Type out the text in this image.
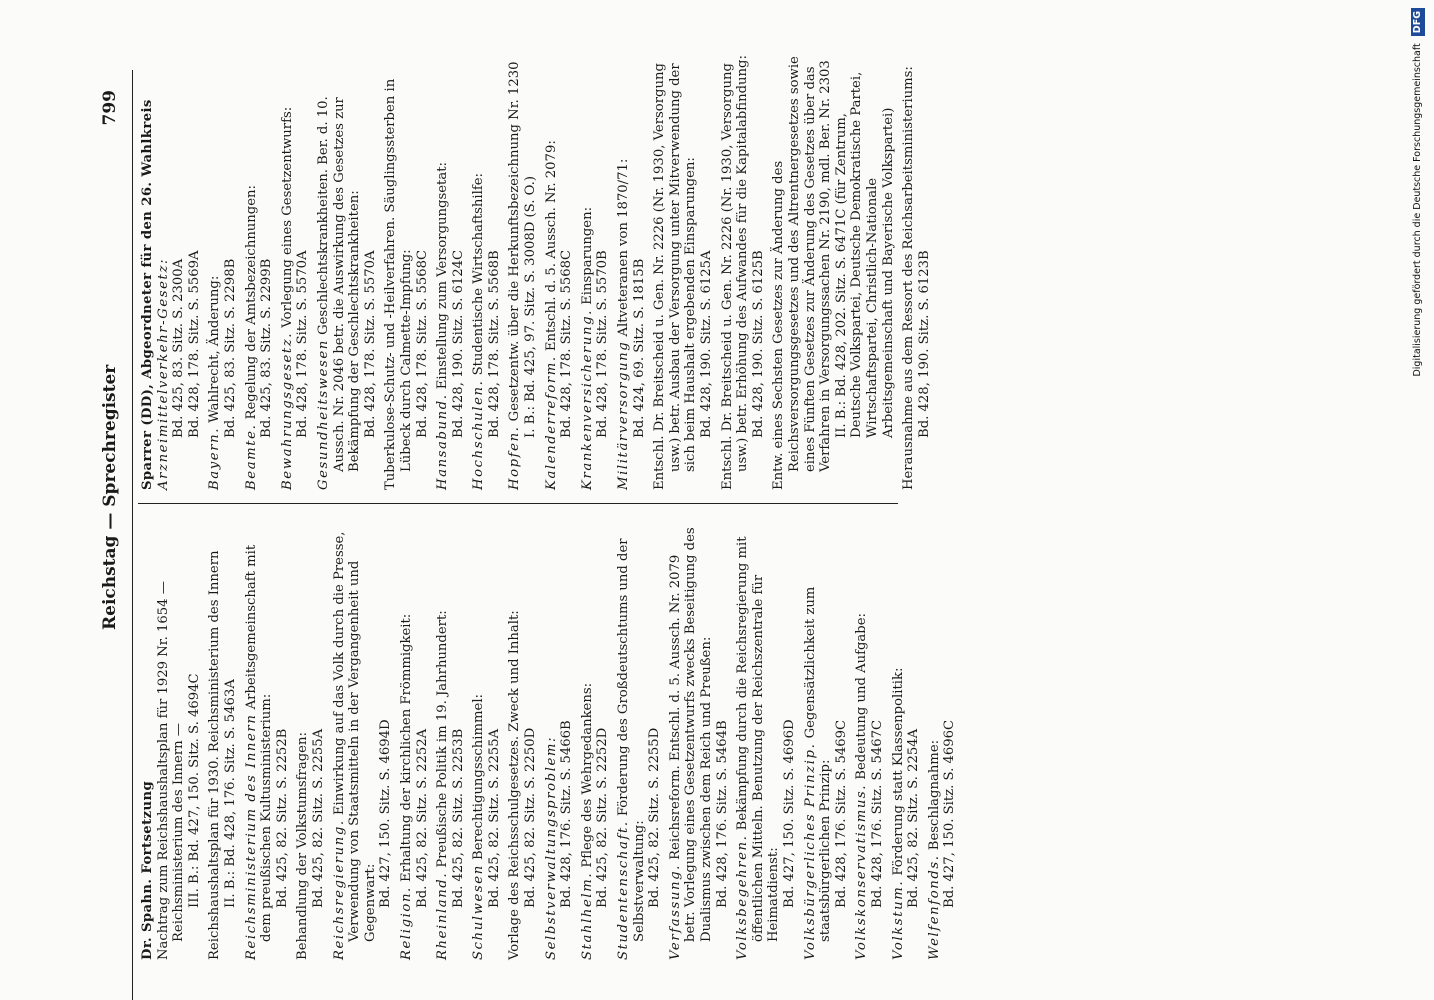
Reichstag — Sprechregister
799
Dr. Spahn. Fortsetzung Nachtrag zum Reichshaushaltsplan für 1929 Nr. 1654 — Reichsministerium des Innern — III. B.: Bd. 427, 150. Sitz. S. 4694C Reichshaushaltsplan für 1930. Reichsministerium des Innern II. B.: Bd. 428, 176. Sitz. S. 5463A Reichsministerium des Innern Arbeitsgemeinschaft mit dem preußischen Kultusministerium: Bd. 425, 82. Sitz. S. 2252B Behandlung der Volkstumsfragen: Bd. 425, 82. Sitz. S. 2255A Reichsregierung. Einwirkung auf das Volk durch die Presse, Verwendung von Staatsmitteln in der Vergangenheit und Gegenwart: Bd. 427, 150. Sitz. S. 4694D
Religion. Erhaltung der kirchlichen Frömmigkeit: Bd. 425, 82. Sitz. S. 2252A
Rheinland. Preußische Politik im 19. Jahrhundert: Bd. 425, 82. Sitz. S. 2253B
Schulwesen Berechtigungsschimmel: Bd. 425, 82. Sitz. S. 2255A Vorlage des Reichsschulgesetzes. Zweck und Inhalt: Bd. 425, 82. Sitz. S. 2250D Selbstverwaltungsproblem: Bd. 428, 176. Sitz. S. 5466B
Stahlhelm. Pflege des Wehrgedankens: Bd. 425, 82. Sitz. S. 2252D Studentenschaft. Förderung des Großdeutschtums und der Selbstverwaltung: Bd. 425, 82. Sitz. S. 2255D
Verfassung. Reichsreform. Entschl. d. 5. Aussch. Nr. 2079 betr. Vorlegung eines Gesetzentwurfs zwecks Beseitigung des Dualismus zwischen dem Reich und Preußen: Bd. 428, 176. Sitz. S. 5464B Volksbegehren. Bekämpfung durch die Reichsregierung mit öffentlichen Mitteln. Benutzung der Reichszentrale für Heimatdienst: Bd. 427, 150. Sitz. S. 4696D Volksbürgerliches Prinzip. Gegensätzlichkeit zum staatsbürgerlichen Prinzip: Bd. 428, 176. Sitz. S. 5469C Volkskonservatismus. Bedeutung und Aufgabe:
Bd. 428, 176. Sitz. S. 5467C
Volkstum. Förderung statt Klassenpolitik: Bd. 425, 82. Sitz. S. 2254A Welfenfonds. Beschlagnahme: Bd. 427, 150. Sitz. S. 4696C
Sparrer (DD), Abgeordneter für den 26. Wahlkreis Arzneimittelverkehr-Gesetz: Bd. 425, 83. Sitz. S. 2300A Bd. 428, 178. Sitz. S. 5569A
Bayern. Wahlrecht, Änderung: Bd. 425, 83. Sitz. S. 2298B
Beamte. Regelung der Amtsbezeichnungen: Bd. 425, 83. Sitz. S. 2299B Bewahrungsgesetz. Vorlegung eines Gesetzentwurfs:
Bd. 428, 178. Sitz. S. 5570A Gesundheitswesen Geschlechtskrankheiten. Ber. d. 10. Aussch. Nr. 2046 betr. die Auswirkung des Gesetzes zur Bekämpfung der Geschlechtskrankheiten: Bd. 428, 178. Sitz. S. 5570A Tuberkulose-Schutz- und -Heilverfahren. Säuglingssterben in Lübeck durch Calmette-Impfung: Bd. 428, 178. Sitz. S. 5568C
Hansabund. Einstellung zum Versorgungsetat: Bd. 428, 190. Sitz. S. 6124C Hochschulen. Studentische Wirtschaftshilfe: Bd. 428, 178. Sitz. S. 5568B
Hopfen. Gesetzentw. über die Herkunftsbezeichnung Nr. 1230 I. B.: Bd. 425, 97. Sitz. S. 3008D (S. O.) Kalenderreform. Entschl. d. 5. Aussch. Nr. 2079: Bd. 428, 178. Sitz. S. 5568C Krankenversicherung. Einsparungen: Bd. 428, 178. Sitz. S. 5570B Militärversorgung Altveteranen von 1870/71:
Bd. 424, 69. Sitz. S. 1815B Entschl. Dr. Breitscheid u. Gen. Nr. 2226 (Nr. 1930, Versorgung usw.) betr. Ausbau der Versorgung unter Mitverwendung der sich beim Haushalt ergebenden Einsparungen: Bd. 428, 190. Sitz. S. 6125A Entschl. Dr. Breitscheid u. Gen. Nr. 2226 (Nr. 1930, Versorgung usw.) betr. Erhöhung des Aufwandes für die Kapitalabfindung: Bd. 428, 190. Sitz. S. 6125B Entw. eines Sechsten Gesetzes zur Änderung des Reichsversorgungsgesetzes und des Altrentnergesetzes sowie eines Fünften Gesetzes zur Änderung des Gesetzes über das Verfahren in Versorgungssachen Nr. 2190, mdl. Ber. Nr. 2303 II. B.: Bd. 428, 202. Sitz. S. 6471C (für Zentrum, Deutsche Volkspartei, Deutsche Demokratische Partei, Wirtschaftspartei, Christlich-Nationale Arbeitsgemeinschaft und Bayerische Volkspartei) Herausnahme aus dem Ressort des Reichsarbeitsministeriums: Bd. 428, 190. Sitz. S. 6123B	Digitalisierung gefördert durch die Deutsche Forschungsgemeinschaft DFG
